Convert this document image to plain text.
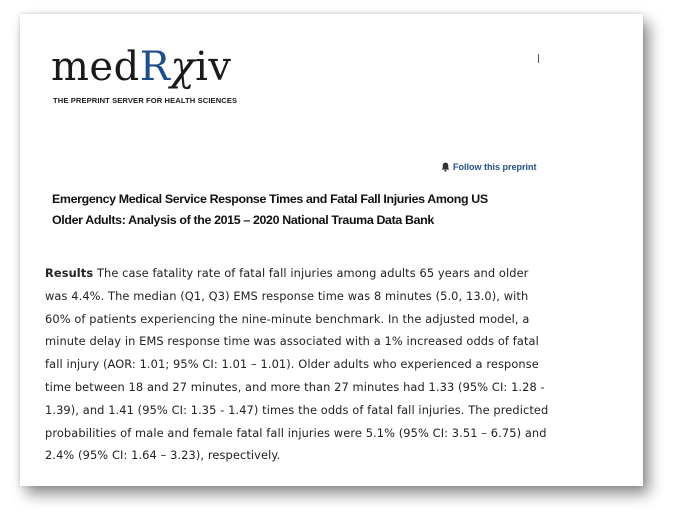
medRχiv
THE PREPRINT SERVER FOR HEALTH SCIENCES
Follow this preprint
Emergency Medical Service Response Times and Fatal Fall Injuries Among US
Older Adults: Analysis of the 2015 – 2020 National Trauma Data Bank
Results The case fatality rate of fatal fall injuries among adults 65 years and older
was 4.4%. The median (Q1, Q3) EMS response time was 8 minutes (5.0, 13.0), with
60% of patients experiencing the nine-minute benchmark. In the adjusted model, a
minute delay in EMS response time was associated with a 1% increased odds of fatal
fall injury (AOR: 1.01; 95% CI: 1.01 – 1.01). Older adults who experienced a response
time between 18 and 27 minutes, and more than 27 minutes had 1.33 (95% CI: 1.28 -
1.39), and 1.41 (95% CI: 1.35 - 1.47) times the odds of fatal fall injuries. The predicted
probabilities of male and female fatal fall injuries were 5.1% (95% CI: 3.51 – 6.75) and
2.4% (95% CI: 1.64 – 3.23), respectively.
